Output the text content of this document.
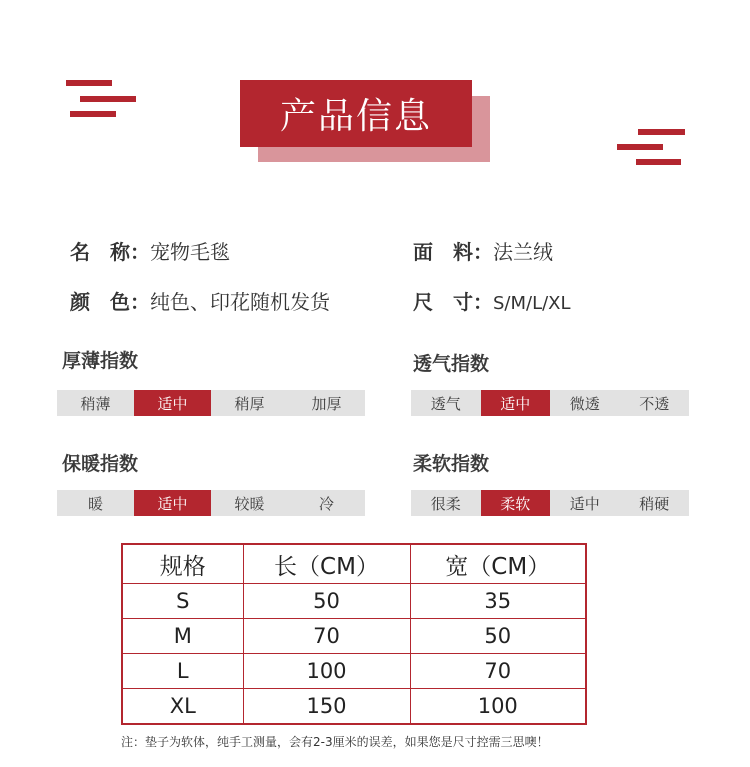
产品信息
名　称： 宠物毛毯	面　料： 法兰绒
颜　色： 纯色、印花随机发货	尺　寸： S/M/L/XL
厚薄指数
稍薄	适中	稍厚	加厚
透气指数
透气	适中	微透	不透
保暖指数
暖	适中	较暖	冷
柔软指数
很柔	柔软	适中	稍硬
规格	长（CM）	宽（CM）
S	50	35
M	70	50
L	100	70
XL	150	100
注：垫子为软体，纯手工测量，会有2-3厘米的误差，如果您是尺寸控需三思噢！
